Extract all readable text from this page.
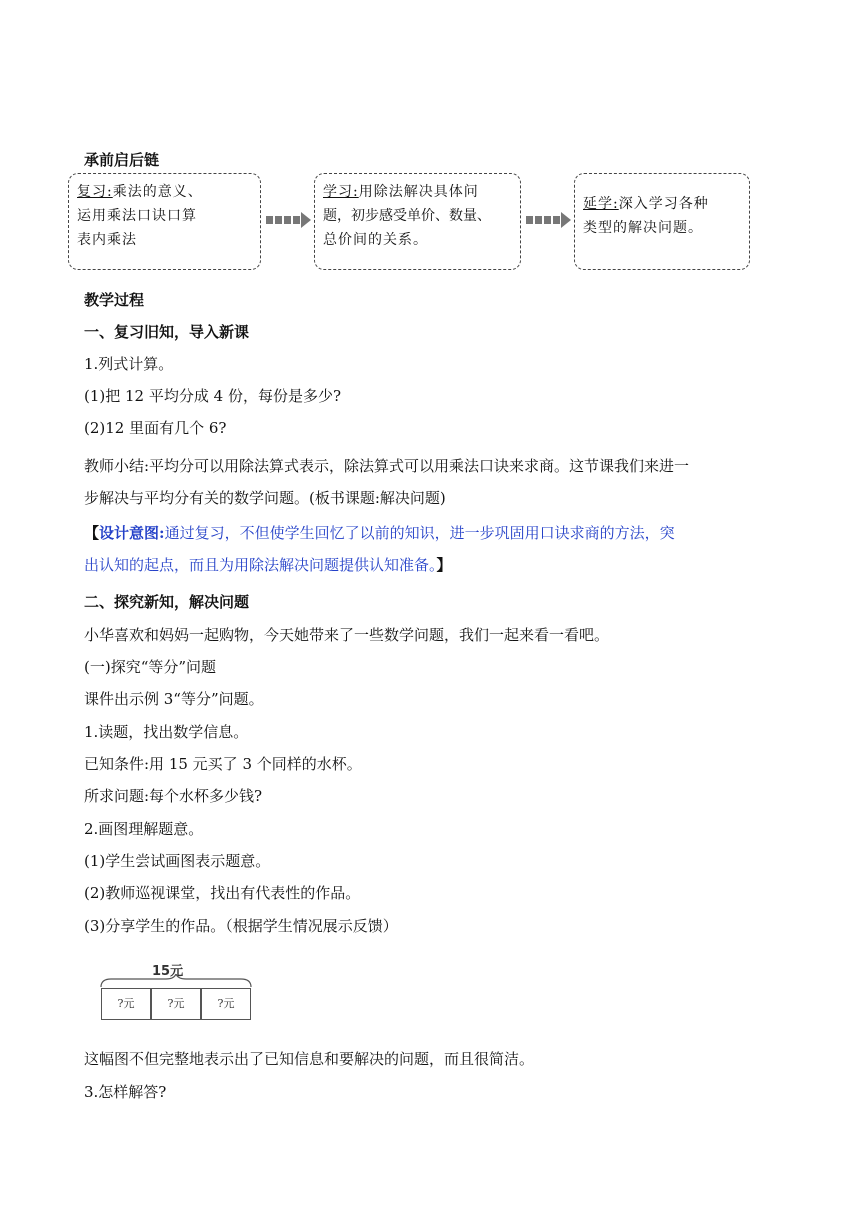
承前启后链
复习:乘法的意义、
运用乘法口诀口算
表内乘法
学习:用除法解决具体问
题，初步感受单价、数量、
总价间的关系。
延学:深入学习各种
类型的解决问题。
教学过程
一、复习旧知，导入新课
1.列式计算。
(1)把 12 平均分成 4 份，每份是多少?
(2)12 里面有几个 6?
教师小结:平均分可以用除法算式表示，除法算式可以用乘法口诀来求商。这节课我们来进一
步解决与平均分有关的数学问题。(板书课题:解决问题)
【设计意图:通过复习，不但使学生回忆了以前的知识，进一步巩固用口诀求商的方法，突
出认知的起点，而且为用除法解决问题提供认知准备。】
二、探究新知，解决问题
小华喜欢和妈妈一起购物，今天她带来了一些数学问题，我们一起来看一看吧。
(一)探究“等分”问题
课件出示例 3“等分”问题。
1.读题，找出数学信息。
已知条件:用 15 元买了 3 个同样的水杯。
所求问题:每个水杯多少钱?
2.画图理解题意。
(1)学生尝试画图表示题意。
(2)教师巡视课堂，找出有代表性的作品。
(3)分享学生的作品。（根据学生情况展示反馈）
15元
?元	?元	?元
这幅图不但完整地表示出了已知信息和要解决的问题，而且很简洁。
3.怎样解答?
